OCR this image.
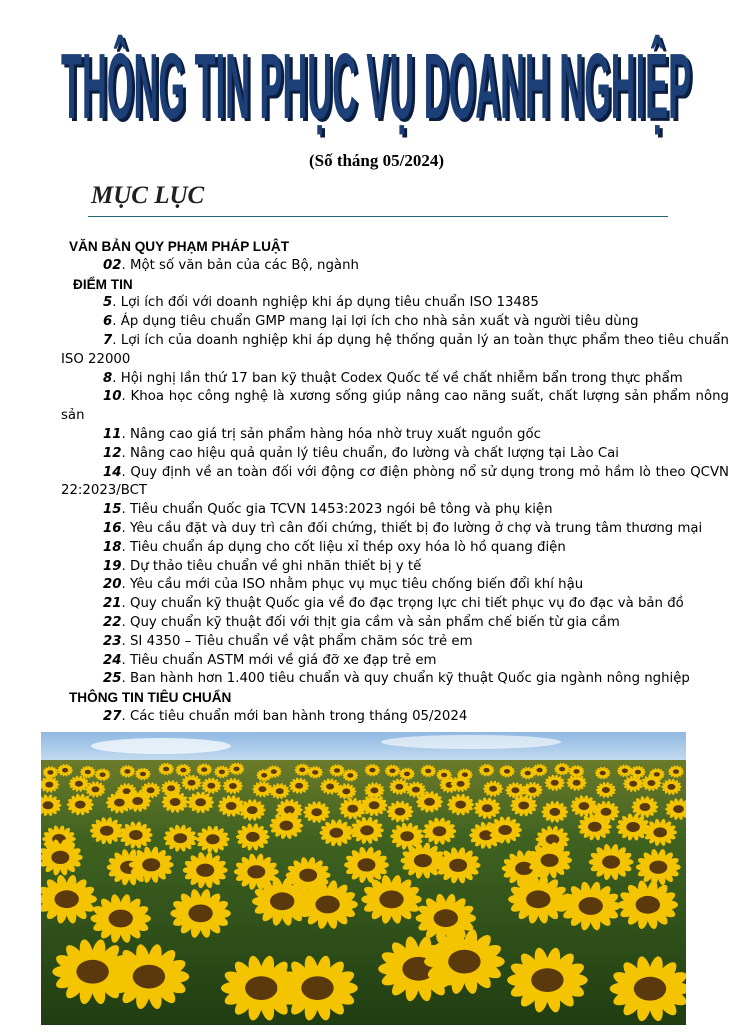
THÔNG TIN PHỤC VỤ DOANH NGHIỆP
THÔNG TIN PHỤC VỤ DOANH NGHIỆP
(Số tháng 05/2024)
MỤC LỤC
VĂN BẢN QUY PHẠM PHÁP LUẬT
02. Một số văn bản của các Bộ, ngành
ĐIỂM TIN
5. Lợi ích đối với doanh nghiệp khi áp dụng tiêu chuẩn ISO 13485
6. Áp dụng tiêu chuẩn GMP mang lại lợi ích cho nhà sản xuất và người tiêu dùng
7. Lợi ích của doanh nghiệp khi áp dụng hệ thống quản lý an toàn thực phẩm theo tiêu chuẩn ISO 22000
8. Hội nghị lần thứ 17 ban kỹ thuật Codex Quốc tế về chất nhiễm bẩn trong thực phẩm
10. Khoa học công nghệ là xương sống giúp nâng cao năng suất, chất lượng sản phẩm nông sản
11. Nâng cao giá trị sản phẩm hàng hóa nhờ truy xuất nguồn gốc
12. Nâng cao hiệu quả quản lý tiêu chuẩn, đo lường và chất lượng tại Lào Cai
14. Quy định về an toàn đối với động cơ điện phòng nổ sử dụng trong mỏ hầm lò theo QCVN 22:2023/BCT
15. Tiêu chuẩn Quốc gia TCVN 1453:2023 ngói bê tông và phụ kiện
16. Yêu cầu đặt và duy trì cân đối chứng, thiết bị đo lường ở chợ và trung tâm thương mại
18. Tiêu chuẩn áp dụng cho cốt liệu xỉ thép oxy hóa lò hồ quang điện
19. Dự thảo tiêu chuẩn về ghi nhãn thiết bị y tế
20. Yêu cầu mới của ISO nhằm phục vụ mục tiêu chống biến đổi khí hậu
21. Quy chuẩn kỹ thuật Quốc gia về đo đạc trọng lực chi tiết phục vụ đo đạc và bản đồ
22. Quy chuẩn kỹ thuật đối với thịt gia cầm và sản phẩm chế biến từ gia cầm
23. SI 4350 – Tiêu chuẩn về vật phẩm chăm sóc trẻ em
24. Tiêu chuẩn ASTM mới về giá đỡ xe đạp trẻ em
25. Ban hành hơn 1.400 tiêu chuẩn và quy chuẩn kỹ thuật Quốc gia ngành nông nghiệp
THÔNG TIN TIÊU CHUẨN
27. Các tiêu chuẩn mới ban hành trong tháng 05/2024
